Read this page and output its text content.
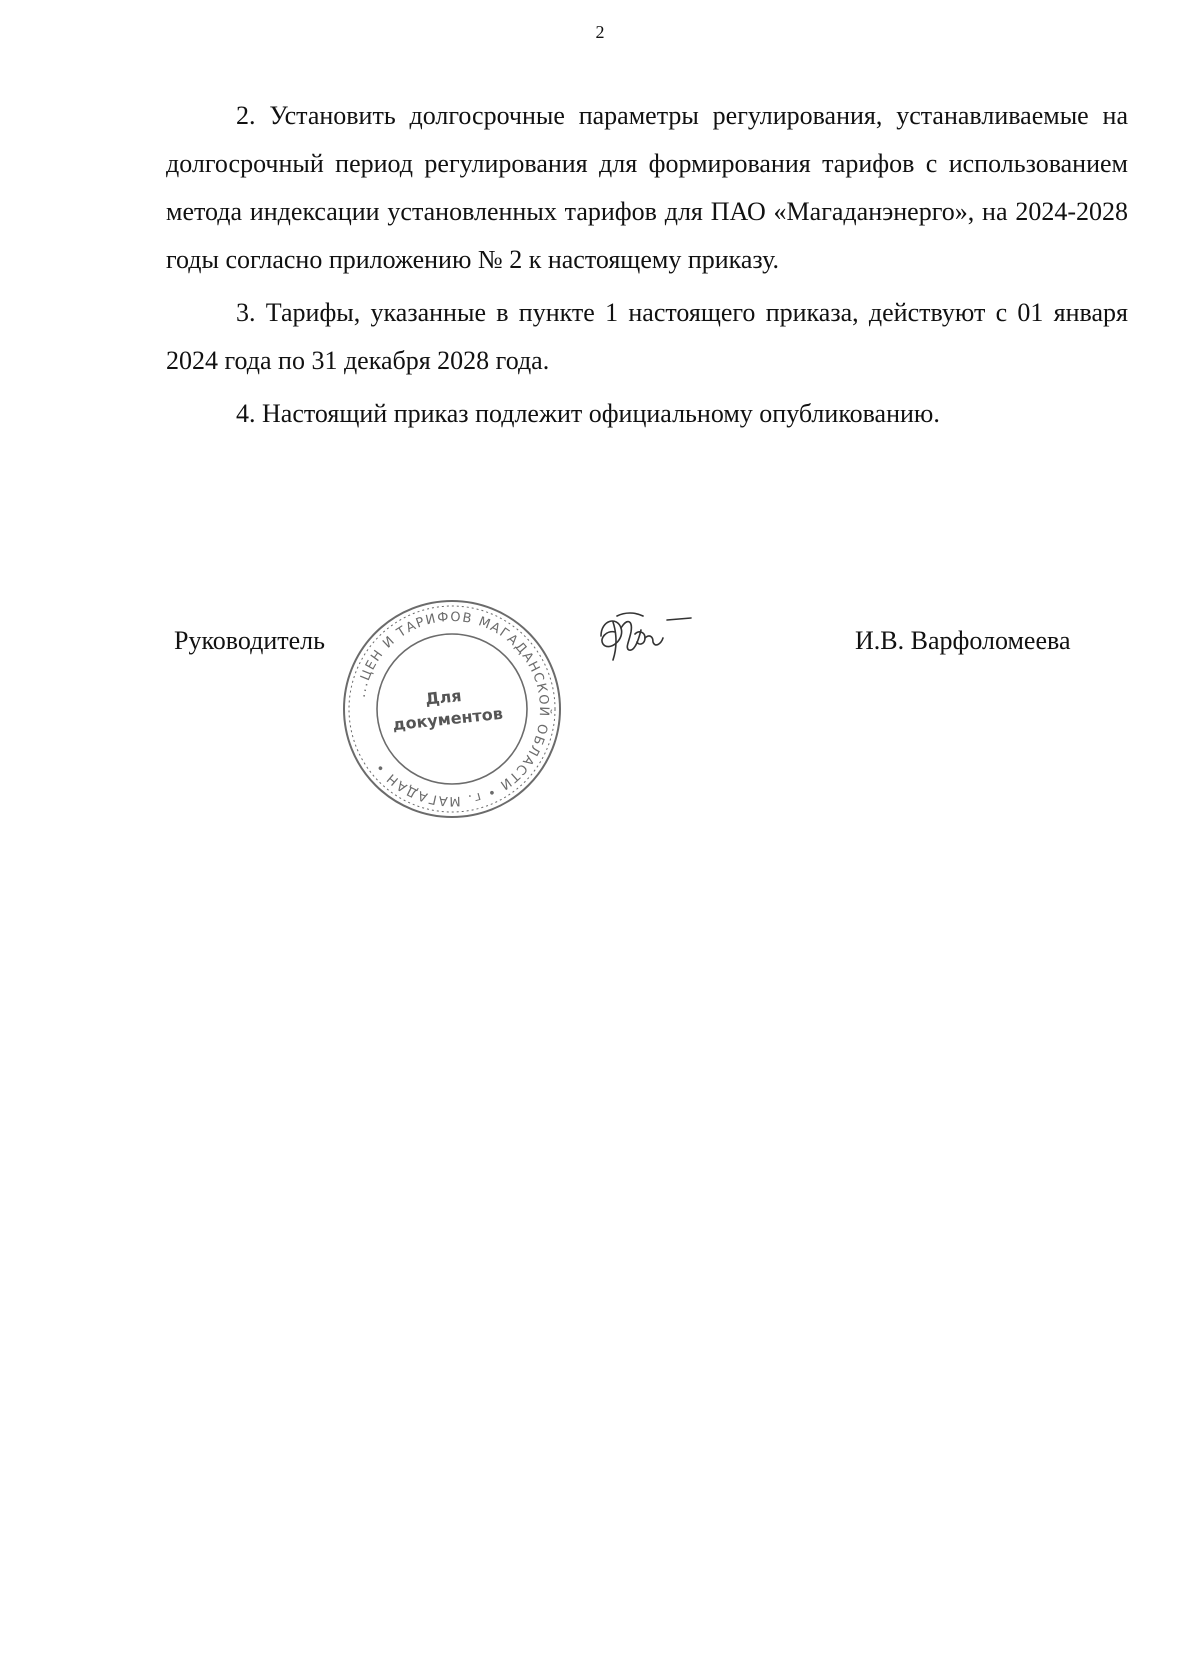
2

2. Установить долгосрочные параметры регулирования, устанавливаемые на долгосрочный период регулирования для формирования тарифов с использованием метода индексации установленных тарифов для ПАО «Магаданэнерго», на 2024-2028 годы согласно приложению № 2 к настоящему приказу.

3. Тарифы, указанные в пункте 1 настоящего приказа, действуют с 01 января 2024 года по 31 декабря 2028 года.

4. Настоящий приказ подлежит официальному опубликованию.

Руководитель	И.В. Варфоломеева
...ЦЕН И ТАРИФОВ МАГАДАНСКОЙ ОБЛАСТИ • г. МАГАДАН •
Для
документов
